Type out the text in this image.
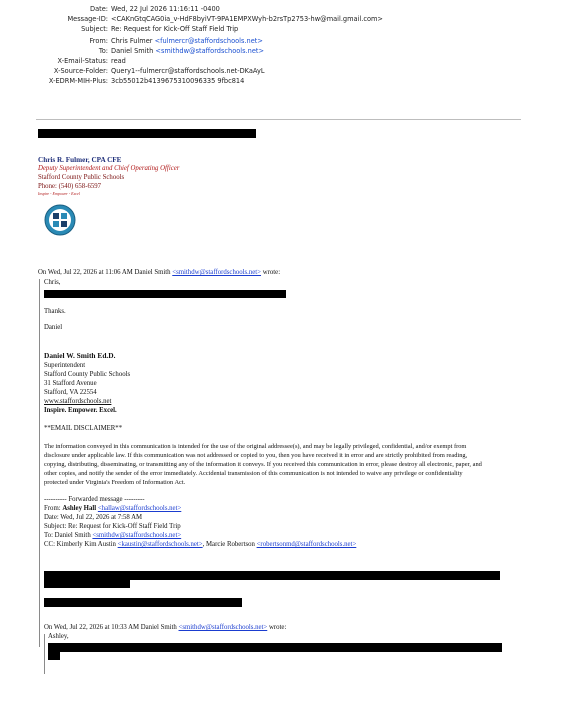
Date: Wed, 22 Jul 2026 11:16:11 -0400
Message-ID: <CAKnGtqCAG0ia_v-HdF8byiVT-9PA1EMPXWyh-b2rsTp2753-hw@mail.gmail.com>
Subject: Re: Request for Kick-Off Staff Field Trip
From: Chris Fulmer <fulmercr@staffordschools.net>
To: Daniel Smith <smithdw@staffordschools.net>
X-Email-Status: read
X-Source-Folder: Query1--fulmercr@staffordschools.net-DKaAyL
X-EDRM-MIH-Plus: 3cb55012b4139675310096335 9fbc814
Chris R. Fulmer, CPA CFE
Deputy Superintendent and Chief Operating Officer
Stafford County Public Schools
Phone: (540) 658-6597
Inspire - Empower - Excel
On Wed, Jul 22, 2026 at 11:06 AM Daniel Smith <smithdw@staffordschools.net> wrote:
Chris,
Thanks.
Daniel
Daniel W. Smith Ed.D.
Superintendent
Stafford County Public Schools
31 Stafford Avenue
Stafford, VA 22554
www.staffordschools.net
Inspire. Empower. Excel.
**EMAIL DISCLAIMER**
The information conveyed in this communication is intended for the use of the original addressee(s), and may be legally privileged, confidential, and/or exempt from
disclosure under applicable law. If this communication was not addressed or copied to you, then you have received it in error and are strictly prohibited from reading,
copying, distributing, disseminating, or transmitting any of the information it conveys. If you received this communication in error, please destroy all electronic, paper, and
other copies, and notify the sender of the error immediately. Accidental transmission of this communication is not intended to waive any privilege or confidentiality
protected under Virginia's Freedom of Information Act.
---------- Forwarded message ---------
From: Ashley Hall <hallaw@staffordschools.net>
Date: Wed, Jul 22, 2026 at 7:58 AM
Subject: Re: Request for Kick-Off Staff Field Trip
To: Daniel Smith <smithdw@staffordschools.net>
CC: Kimberly Kim Austin <kaustin@staffordschools.net>, Marcie Robertson <robertsonmd@staffordschools.net>
On Wed, Jul 22, 2026 at 10:33 AM Daniel Smith <smithdw@staffordschools.net> wrote:
Ashley,
